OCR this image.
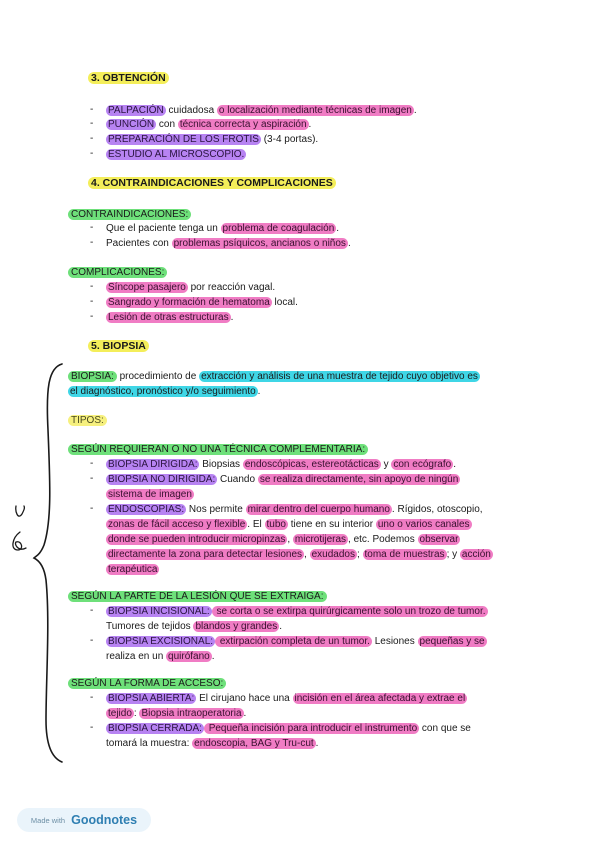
3. OBTENCIÓN
- PALPACIÓN cuidadosa o localización mediante técnicas de imagen .
- PUNCIÓN con técnica correcta y aspiración .
- PREPARACIÓN DE LOS FROTIS (3-4 portas).
- ESTUDIO AL MICROSCOPIO.
4. CONTRAINDICACIONES Y COMPLICACIONES
CONTRAINDICACIONES:
- Que el paciente tenga un problema de coagulación .
- Pacientes con problemas psíquicos, ancianos o niños .
COMPLICACIONES:
- Síncope pasajero por reacción vagal.
- Sangrado y formación de hematoma local.
- Lesión de otras estructuras .
5. BIOPSIA
BIOPSIA: procedimiento de extracción y análisis de una muestra de tejido cuyo objetivo es
el diagnóstico, pronóstico y/o seguimiento .
TIPOS:
SEGÚN REQUIERAN O NO UNA TÉCNICA COMPLEMENTARIA:
- BIOPSIA DIRIGIDA: Biopsias endoscópicas, estereotácticas y con ecógrafo .
- BIOPSIA NO DIRIGIDA: Cuando se realiza directamente, sin apoyo de ningún
sistema de imagen
- ENDOSCOPIAS: Nos permite mirar dentro del cuerpo humano . Rígidos, otoscopio,
zonas de fácil acceso y flexible . El tubo tiene en su interior uno o varios canales
donde se pueden introducir micropinzas , microtijeras , etc. Podemos observar
directamente la zona para detectar lesiones , exudados ; toma de muestras ; y acción
terapéutica
SEGÚN LA PARTE DE LA LESIÓN QUE SE EXTRAIGA:
- BIOPSIA INCISIONAL: se corta o se extirpa quirúrgicamente solo un trozo de tumor.
Tumores de tejidos blandos y grandes .
- BIOPSIA EXCISIONAL: extirpación completa de un tumor. Lesiones pequeñas y se
realiza en un quirófano .
SEGÚN LA FORMA DE ACCESO:
- BIOPSIA ABIERTA: El cirujano hace una incisión en el área afectada y extrae el
tejido : Biopsia intraoperatoria .
- BIOPSIA CERRADA: Pequeña incisión para introducir el instrumento con que se
tomará la muestra: endoscopia, BAG y Tru-cut .
Made with Goodnotes
